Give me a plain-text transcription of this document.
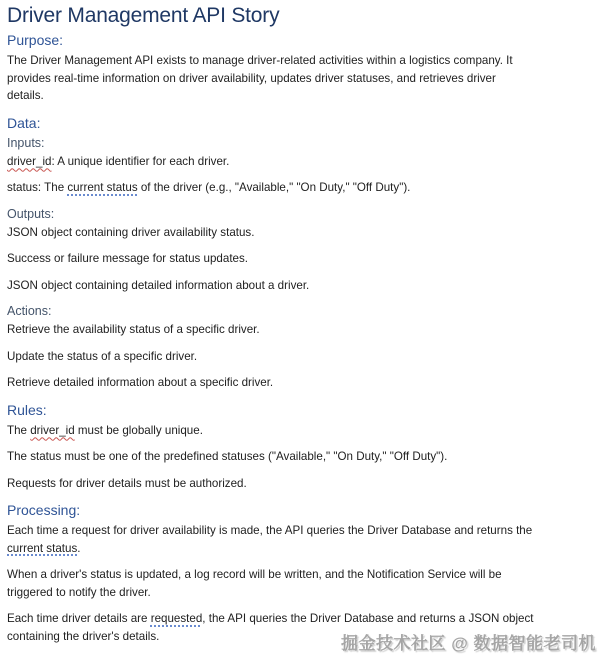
Driver Management API Story
Purpose:

The Driver Management API exists to manage driver-related activities within a logistics company. It
provides real-time information on driver availability, updates driver statuses, and retrieves driver
details.

Data:
Inputs:

driver_id: A unique identifier for each driver.

status: The current status of the driver (e.g., "Available," "On Duty," "Off Duty").

Outputs:

JSON object containing driver availability status.

Success or failure message for status updates.

JSON object containing detailed information about a driver.

Actions:

Retrieve the availability status of a specific driver.

Update the status of a specific driver.

Retrieve detailed information about a specific driver.

Rules:

The driver_id must be globally unique.

The status must be one of the predefined statuses ("Available," "On Duty," "Off Duty").

Requests for driver details must be authorized.

Processing:

Each time a request for driver availability is made, the API queries the Driver Database and returns the
current status.

When a driver's status is updated, a log record will be written, and the Notification Service will be
triggered to notify the driver.

Each time driver details are requested, the API queries the Driver Database and returns a JSON object
containing the driver's details.	掘金技术社区 @ 数据智能老司机
